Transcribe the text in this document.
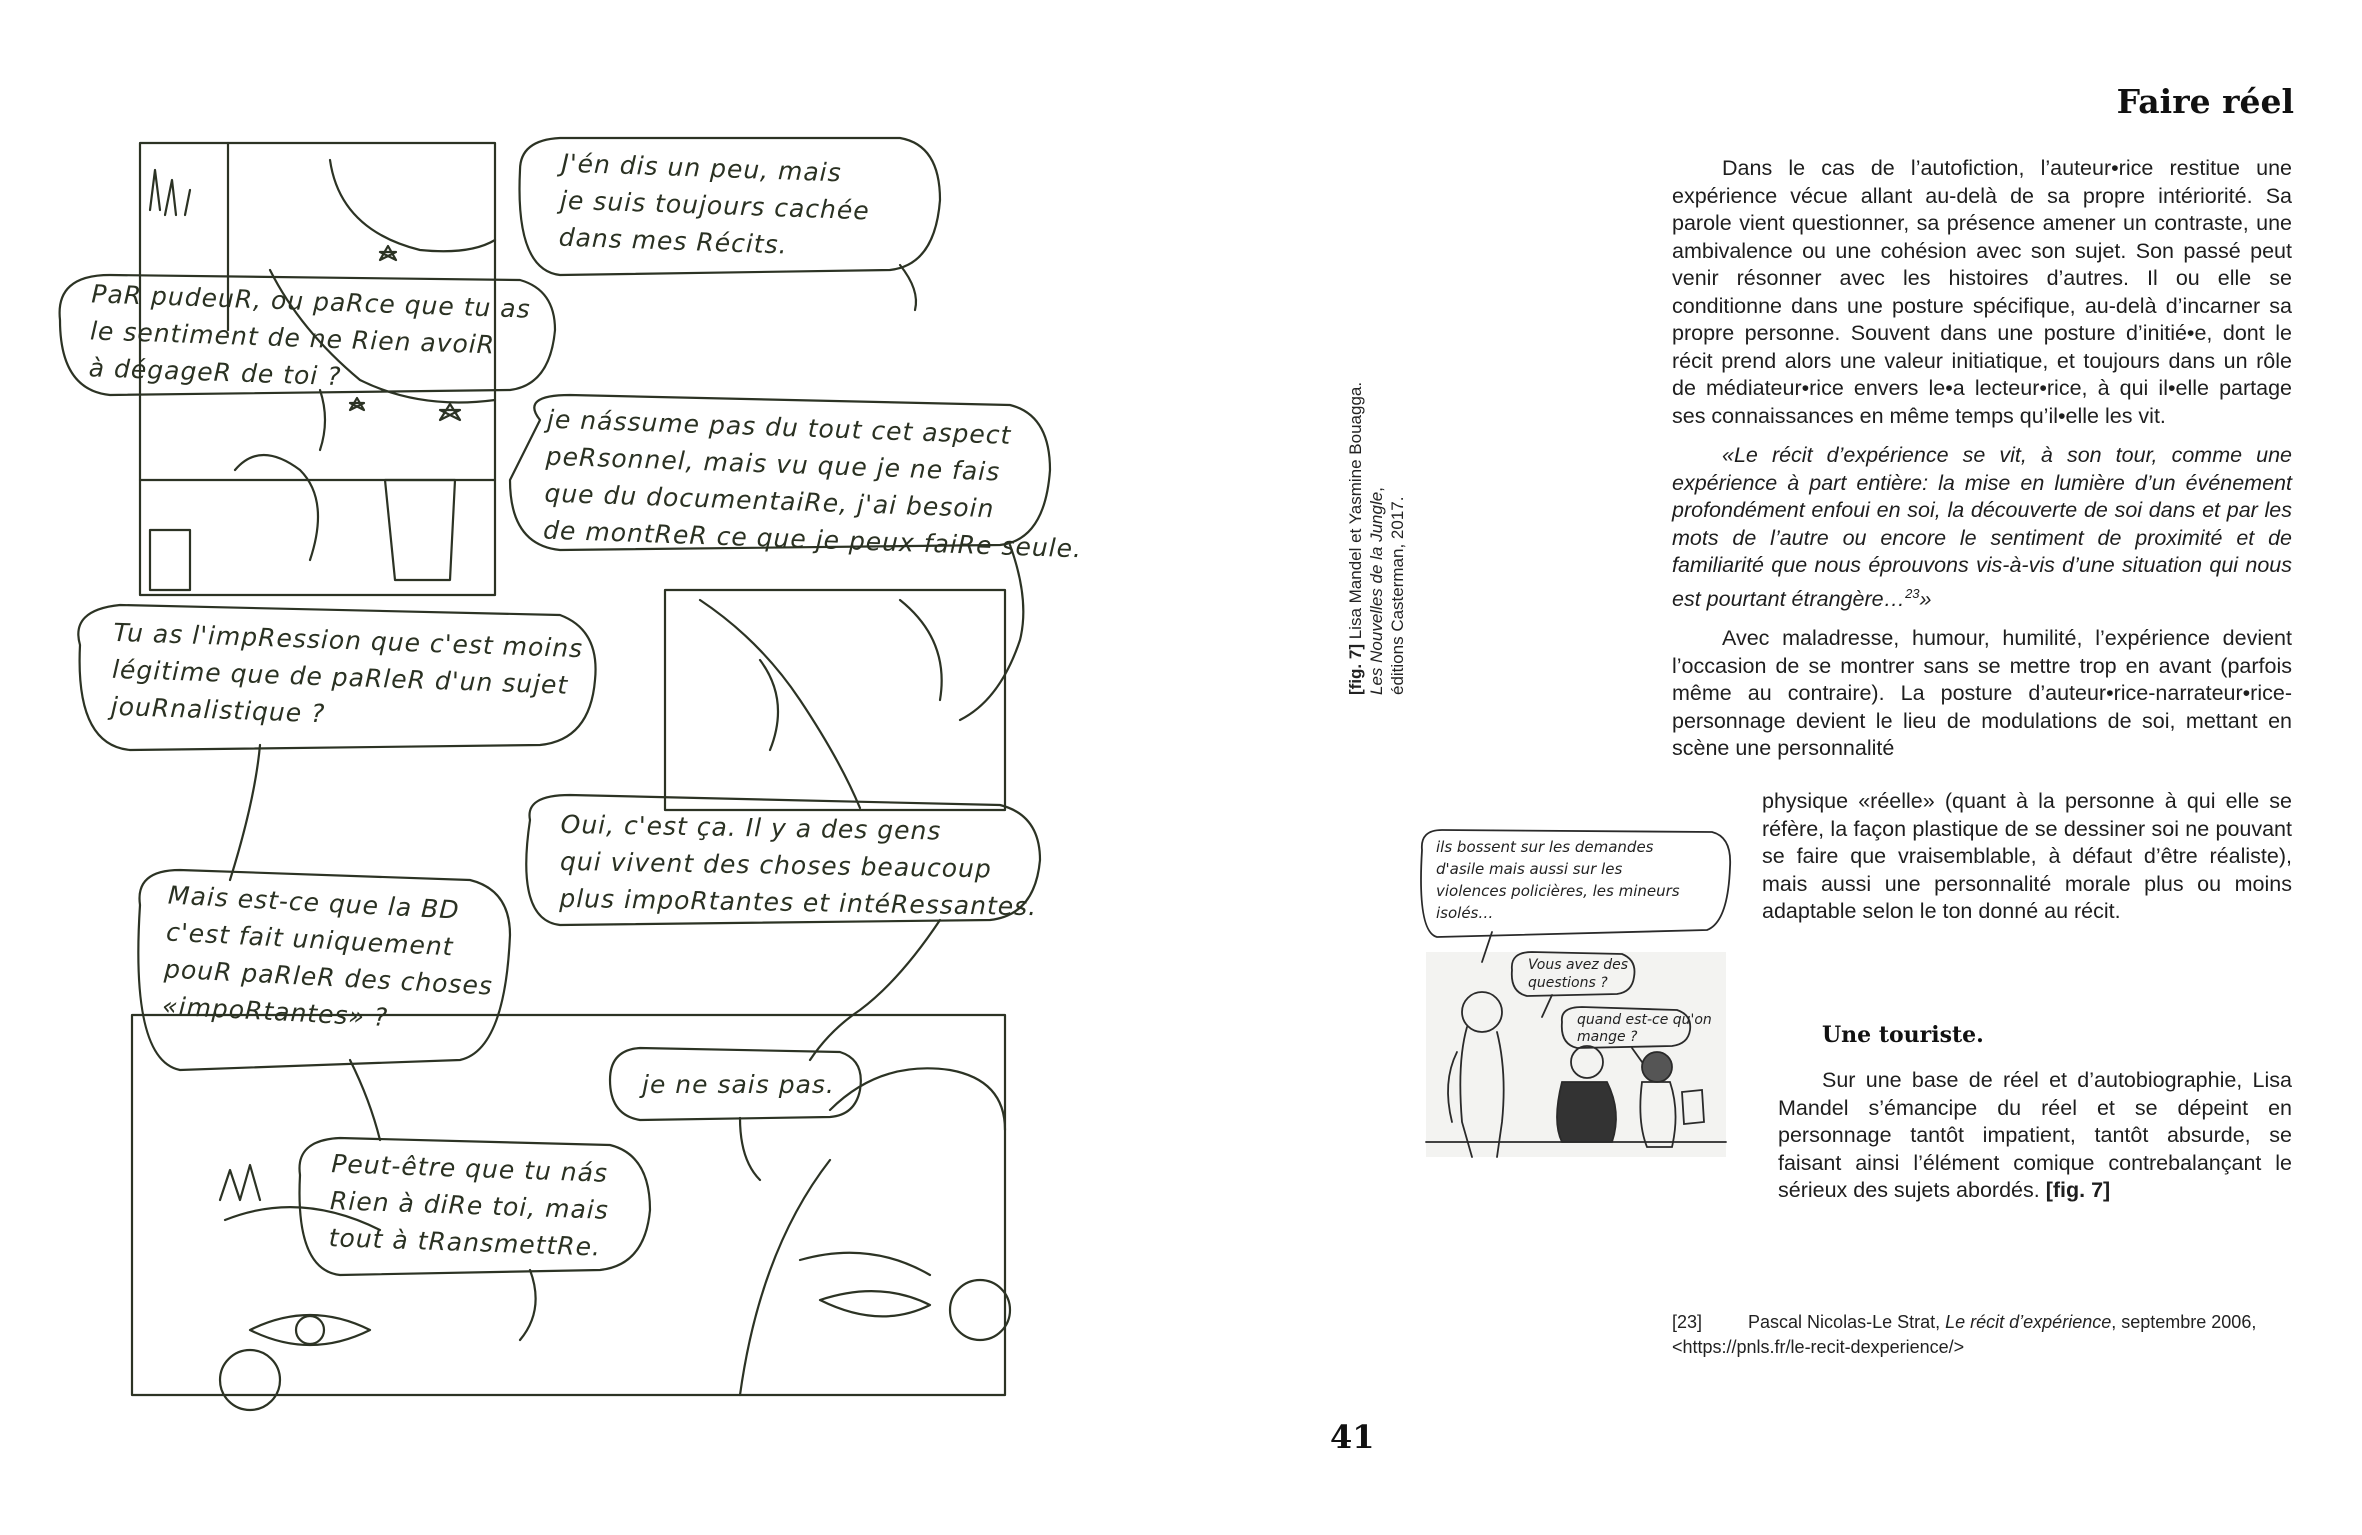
J'én dis un peu, mais
je suis toujours cachée
dans mes Récits.
PaR pudeuR, ou paRce que tu as
le sentiment de ne Rien avoiR
à dégageR de toi ?
je nássume pas du tout cet aspect
peRsonnel, mais vu que je ne fais
que du documentaiRe, j'ai besoin
de montReR ce que je peux faiRe seule.
Tu as l'impRession que c'est moins
légitime que de paRleR d'un sujet
jouRnalistique ?
Oui, c'est ça. Il y a des gens
qui vivent des choses beaucoup
plus impoRtantes et intéRessantes.
Mais est-ce que la BD
c'est fait uniquement
pouR paRleR des choses
«impoRtantes» ?
je ne sais pas.
Peut-être que tu nás
Rien à diRe toi, mais
tout à tRansmettRe.
[fig. 7] Lisa Mandel et Yasmine Bouagga. Les Nouvelles de la Jungle,
éditions Casterman, 2017.
Faire réel

Dans le cas de l’autofiction, l’auteur•rice restitue une expérience vécue allant au-delà de sa propre intériorité. Sa parole vient questionner, sa présence amener un contraste, une ambivalence ou une cohésion avec son sujet. Son passé peut venir résonner avec les histoires d’autres. Il ou elle se conditionne dans une posture spécifique, au-delà d’incarner sa propre personne. Souvent dans une posture d’initié•e, dont le récit prend alors une valeur initiatique, et toujours dans un rôle de médiateur•rice envers le•a lecteur•rice, à qui il•elle partage ses connaissances en même temps qu’il•elle les vit.

«Le récit d’expérience se vit, à son tour, comme une expérience à part entière: la mise en lumière d’un événement profondément enfoui en soi, la découverte de soi dans et par les mots de l’autre ou encore le sentiment de proximité et de familiarité que nous éprouvons vis-à-vis d’une situation qui nous est pourtant étrangère…$^{23}$»

Avec maladresse, humour, humilité, l’expérience devient l’occasion de se montrer sans se mettre trop en avant (parfois même au contraire). La posture d’auteur•rice-narrateur•rice-personnage devient le lieu de modulations de soi, mettant en scène une personnalité

physique «réelle» (quant à la personne à qui elle se réfère, la façon plastique de se dessiner soi ne pouvant se faire que vraisemblable, à défaut d’être réaliste), mais aussi une personnalité morale plus ou moins adaptable selon le ton donné au récit.
ils bossent sur les demandes
d'asile mais aussi sur les
violences policières, les mineurs
isolés…
Vous avez des
questions ?
quand est-ce qu'on
mange ?	Une touriste.
Sur une base de réel et d’autobiographie, Lisa Mandel s’émancipe du réel et se dépeint en personnage tantôt impatient, tantôt absurde, se faisant ainsi l’élément comique contrebalançant le sérieux des sujets abordés. [fig. 7]
[23]	Pascal Nicolas-Le Strat, Le récit d’expérience, septembre 2006, <https://pnls.fr/le-recit-dexperience/>
41
